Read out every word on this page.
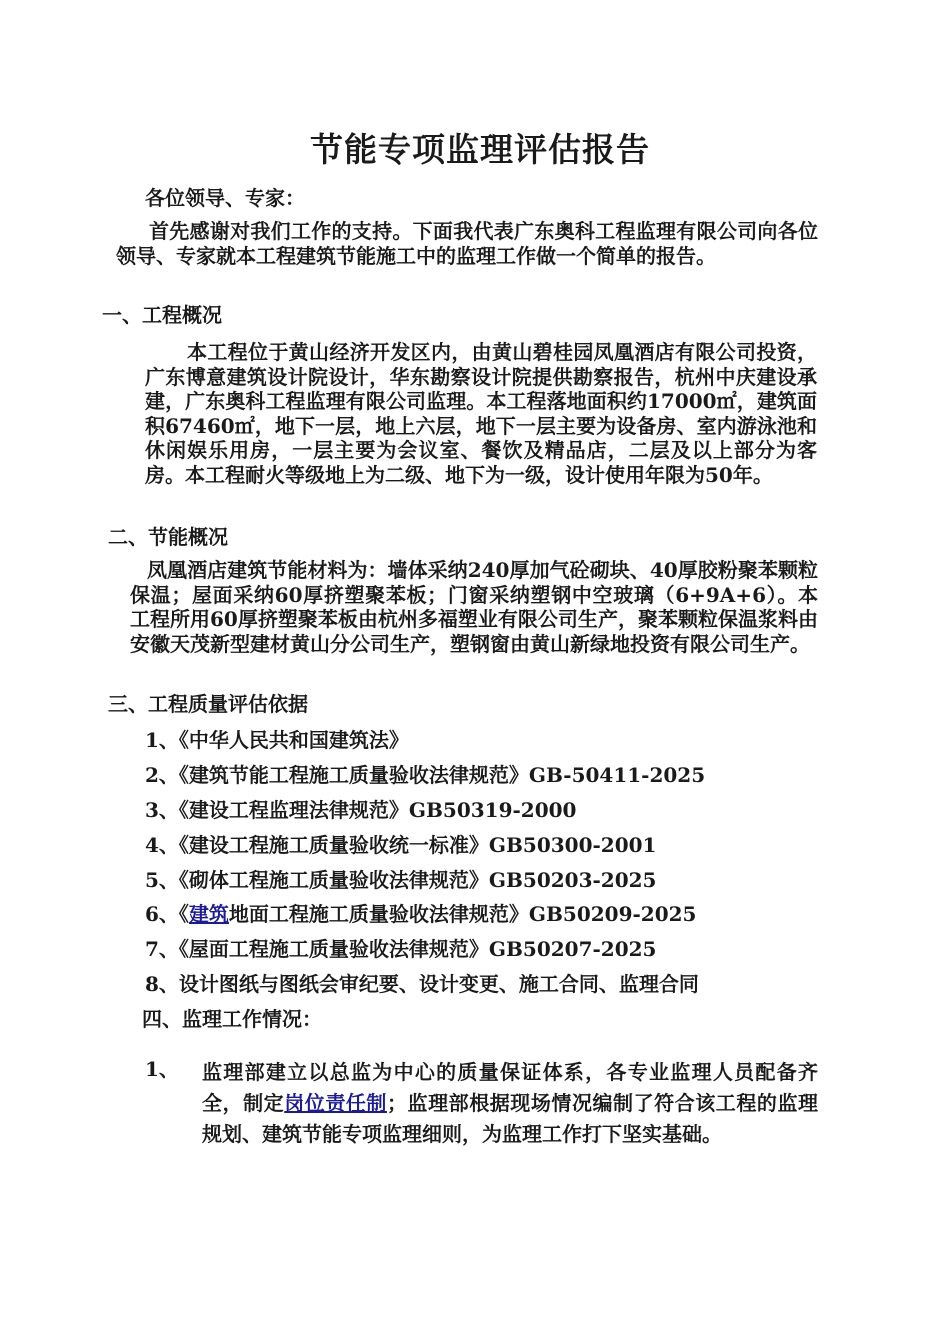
节能专项监理评估报告
各位领导、专家：
首先感谢对我们工作的支持。下面我代表广东奥科工程监理有限公司向各位领导、专家就本工程建筑节能施工中的监理工作做一个简单的报告。
一、工程概况
本工程位于黄山经济开发区内，由黄山碧桂园凤凰酒店有限公司投资，广东博意建筑设计院设计，华东勘察设计院提供勘察报告，杭州中庆建设承建，广东奥科工程监理有限公司监理。本工程落地面积约17000㎡，建筑面积67460㎡，地下一层，地上六层，地下一层主要为设备房、室内游泳池和休闲娱乐用房，一层主要为会议室、餐饮及精品店，二层及以上部分为客房。本工程耐火等级地上为二级、地下为一级，设计使用年限为50年。
二、节能概况
凤凰酒店建筑节能材料为：墙体采纳240厚加气砼砌块、40厚胶粉聚苯颗粒保温；屋面采纳60厚挤塑聚苯板；门窗采纳塑钢中空玻璃（6+9A+6）。本工程所用60厚挤塑聚苯板由杭州多福塑业有限公司生产，聚苯颗粒保温浆料由安徽天茂新型建材黄山分公司生产，塑钢窗由黄山新绿地投资有限公司生产。
三、工程质量评估依据
1、《中华人民共和国建筑法》
2、《建筑节能工程施工质量验收法律规范》GB-50411-2025
3、《建设工程监理法律规范》GB50319-2000
4、《建设工程施工质量验收统一标准》GB50300-2001
5、《砌体工程施工质量验收法律规范》GB50203-2025
6、《建筑地面工程施工质量验收法律规范》GB50209-2025
7、《屋面工程施工质量验收法律规范》GB50207-2025
8、设计图纸与图纸会审纪要、设计变更、施工合同、监理合同
四、监理工作情况：
1、 监理部建立以总监为中心的质量保证体系，各专业监理人员配备齐全，制定岗位责任制；监理部根据现场情况编制了符合该工程的监理规划、建筑节能专项监理细则，为监理工作打下坚实基础。
